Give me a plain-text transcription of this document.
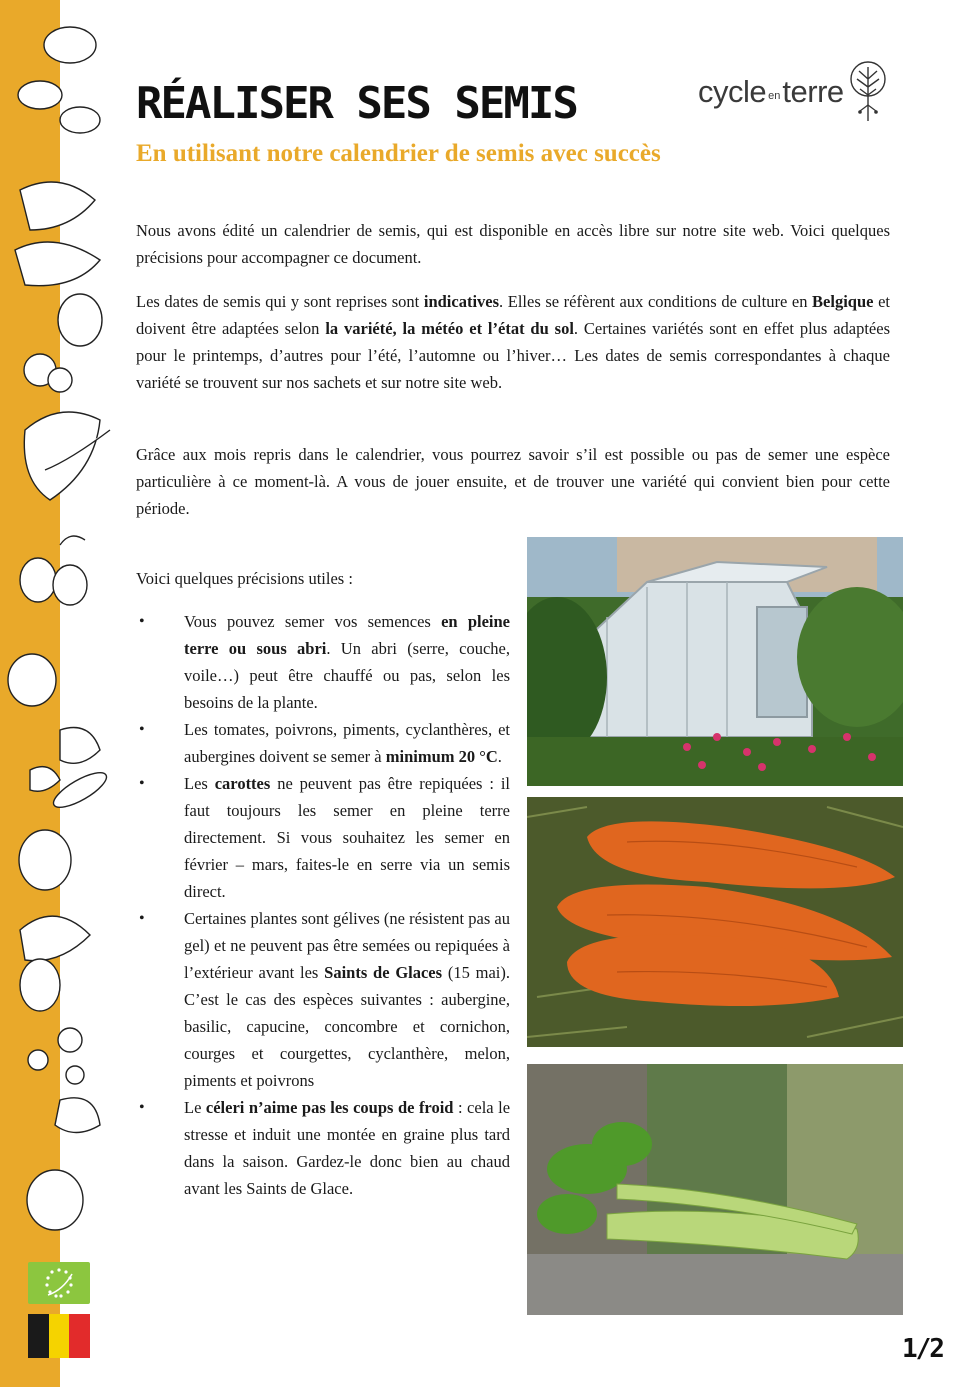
RÉALISER SES SEMIS
En utilisant notre calendrier de semis avec succès
cycle en terre

Nous avons édité un calendrier de semis, qui est disponible en accès libre sur notre site web. Voici quelques précisions pour accompagner ce document.

Les dates de semis qui y sont reprises sont indicatives. Elles se réfèrent aux conditions de culture en Belgique et doivent être adaptées selon la variété, la météo et l’état du sol. Certaines variétés sont en effet plus adaptées pour le printemps, d’autres pour l’été, l’automne ou l’hiver… Les dates de semis correspondantes à chaque variété se trouvent sur nos sachets et sur notre site web.

Grâce aux mois repris dans le calendrier, vous pourrez savoir s’il est possible ou pas de semer une espèce particulière à ce moment-là. A vous de jouer ensuite, et de trouver une variété qui convient bien pour cette période.

Voici quelques précisions utiles :

• Vous pouvez semer vos semences en pleine terre ou sous abri. Un abri (serre, couche, voile…) peut être chauffé ou pas, selon les besoins de la plante.
• Les tomates, poivrons, piments, cyclanthères, et aubergines doivent se semer à minimum 20 °C.
• Les carottes ne peuvent pas être repiquées : il faut toujours les semer en pleine terre directement. Si vous souhaitez les semer en février – mars, faites-le en serre via un semis direct.
• Certaines plantes sont gélives (ne résistent pas au gel) et ne peuvent pas être semées ou repiquées à l’extérieur avant les Saints de Glaces (15 mai). C’est le cas des espèces suivantes : aubergine, basilic, capucine, concombre et cornichon, courges et courgettes, cyclanthère, melon, piments et poivrons
• Le céleri n’aime pas les coups de froid : cela le stresse et induit une montée en graine plus tard dans la saison. Gardez-le donc bien au chaud avant les Saints de Glace.
1/2
